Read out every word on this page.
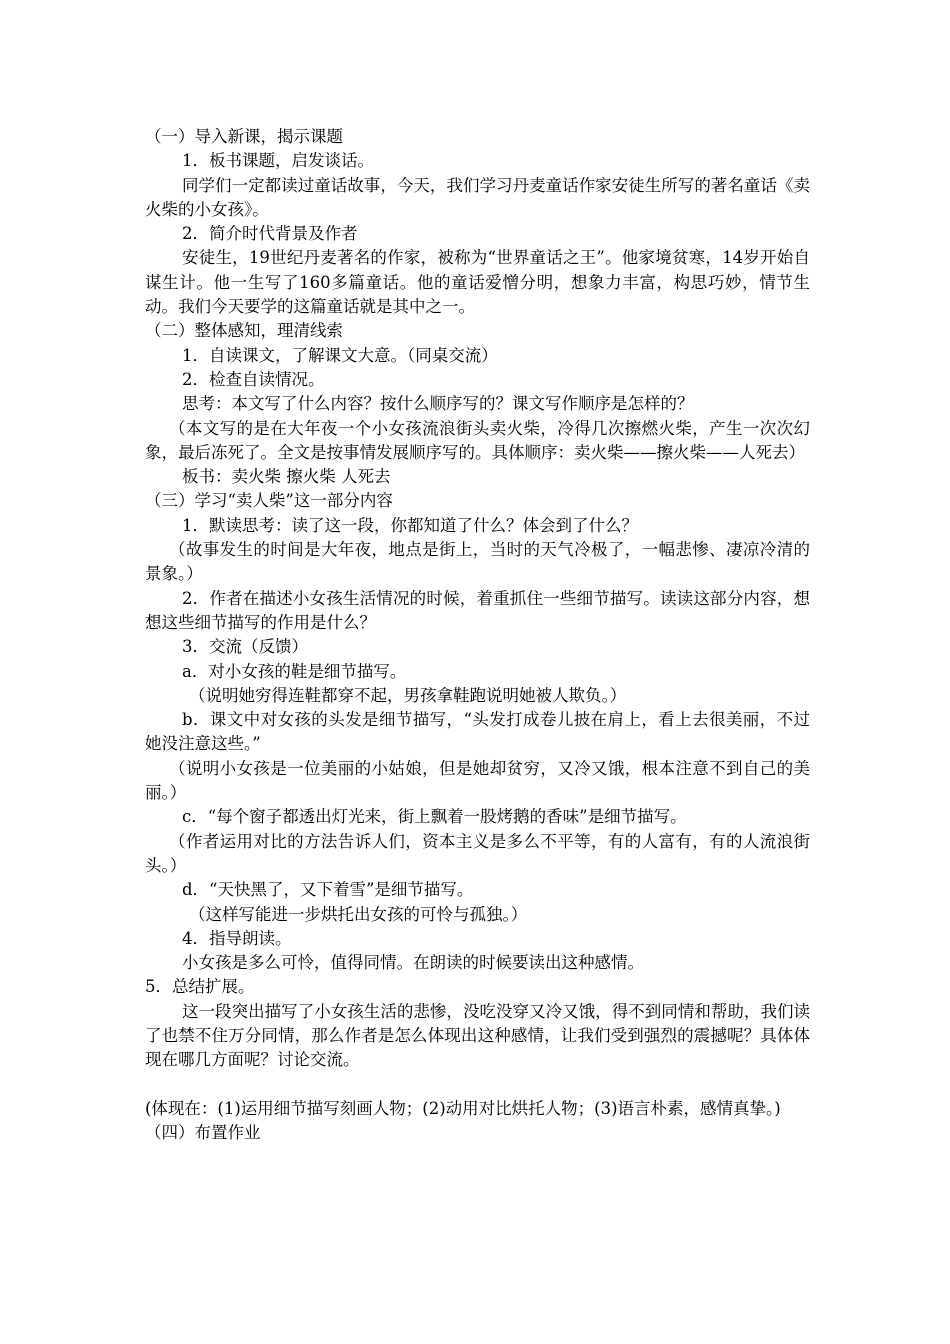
（一）导入新课，揭示课题

1．板书课题，启发谈话。

同学们一定都读过童话故事，今天，我们学习丹麦童话作家安徒生所写的著名童话《卖火柴的小女孩》。

2．简介时代背景及作者

安徒生，19世纪丹麦著名的作家，被称为“世界童话之王”。他家境贫寒，14岁开始自谋生计。他一生写了160多篇童话。他的童话爱憎分明，想象力丰富，构思巧妙，情节生动。我们今天要学的这篇童话就是其中之一。

（二）整体感知，理清线索

1．自读课文，了解课文大意。（同桌交流）

2．检查自读情况。

思考：本文写了什么内容？按什么顺序写的？课文写作顺序是怎样的？

（本文写的是在大年夜一个小女孩流浪街头卖火柴，冷得几次擦燃火柴，产生一次次幻象，最后冻死了。全文是按事情发展顺序写的。具体顺序：卖火柴——擦火柴——人死去）

板书：卖火柴 擦火柴 人死去

（三）学习“卖人柴”这一部分内容

1．默读思考：读了这一段，你都知道了什么？体会到了什么？

（故事发生的时间是大年夜，地点是街上，当时的天气冷极了，一幅悲惨、凄凉冷清的景象。）

2．作者在描述小女孩生活情况的时候，着重抓住一些细节描写。读读这部分内容，想想这些细节描写的作用是什么？

3．交流（反馈）

a．对小女孩的鞋是细节描写。

（说明她穷得连鞋都穿不起，男孩拿鞋跑说明她被人欺负。）

b．课文中对女孩的头发是细节描写，“头发打成卷儿披在肩上，看上去很美丽，不过她没注意这些。”

（说明小女孩是一位美丽的小姑娘，但是她却贫穷，又冷又饿，根本注意不到自己的美丽。）

c．“每个窗子都透出灯光来，街上飘着一股烤鹅的香味”是细节描写。

（作者运用对比的方法告诉人们，资本主义是多么不平等，有的人富有，有的人流浪街头。）

d．“天快黑了，又下着雪”是细节描写。

（这样写能进一步烘托出女孩的可怜与孤独。）

4．指导朗读。

小女孩是多么可怜，值得同情。在朗读的时候要读出这种感情。

5．总结扩展。

这一段突出描写了小女孩生活的悲惨，没吃没穿又冷又饿，得不到同情和帮助，我们读了也禁不住万分同情，那么作者是怎么体现出这种感情，让我们受到强烈的震撼呢？具体体现在哪几方面呢？讨论交流。

(体现在：(1)运用细节描写刻画人物；(2)动用对比烘托人物；(3)语言朴素，感情真挚。)

（四）布置作业
